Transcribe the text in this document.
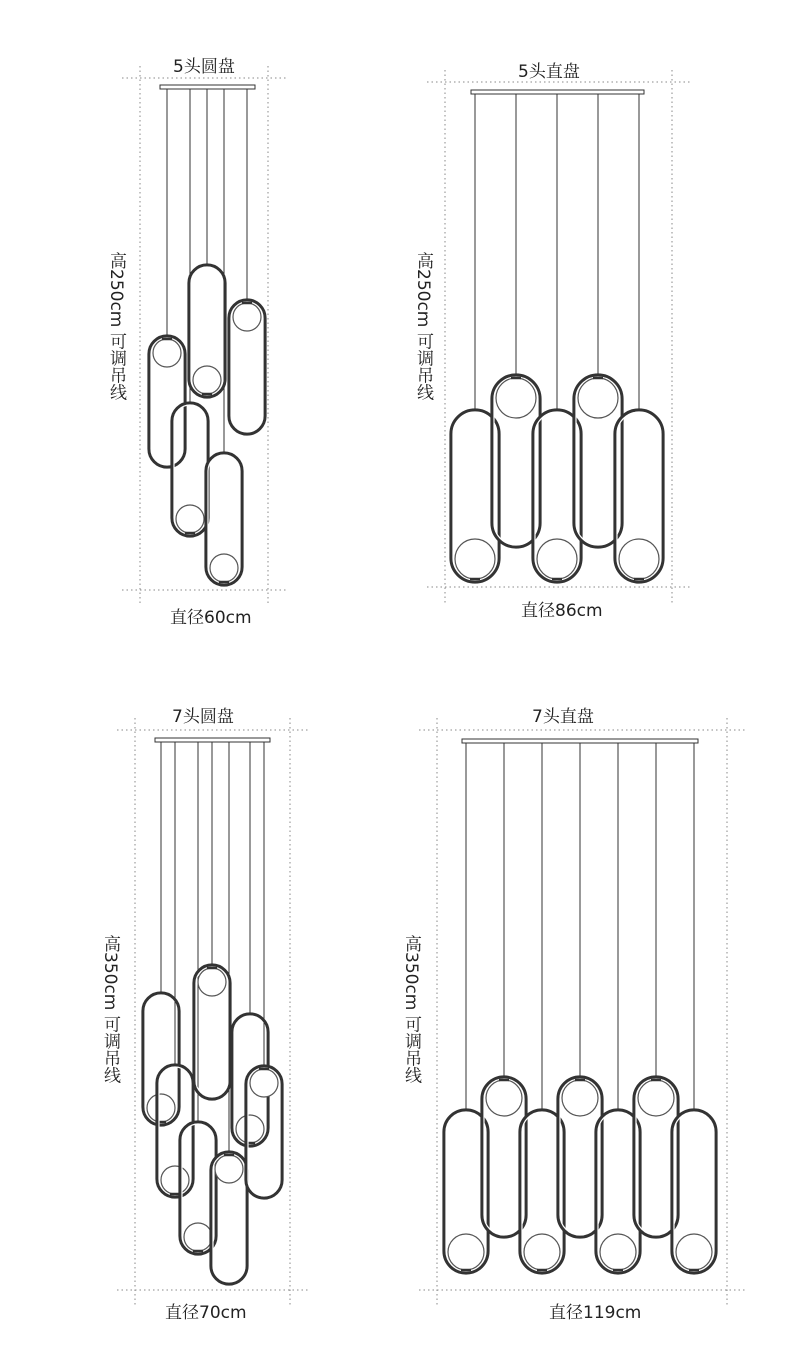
5头圆盘
高250cm 可调吊线
直径60cm
5头直盘
高250cm 可调吊线
直径86cm
7头圆盘
高350cm 可调吊线
直径70cm
7头直盘
高350cm 可调吊线
直径119cm
